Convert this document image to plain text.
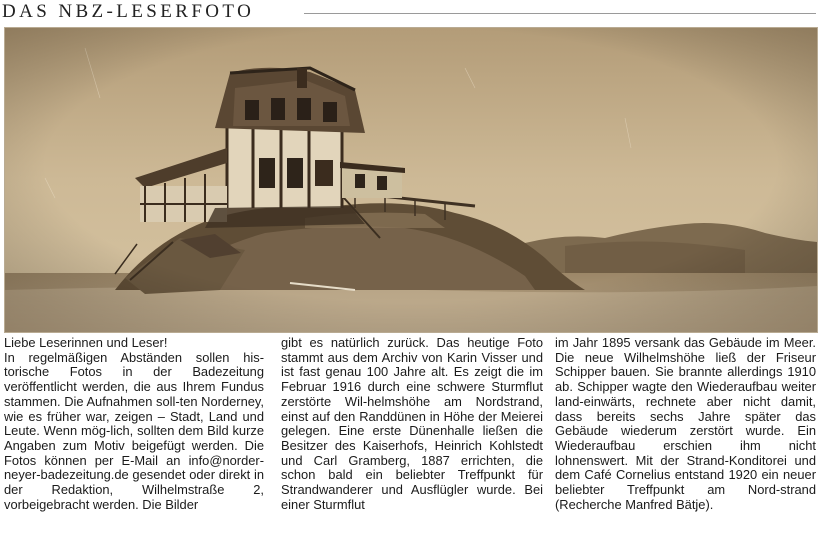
DAS NBZ-LESERFOTO
Liebe Leserinnen und Leser!

In regelmäßigen Abständen sollen his-torische Fotos in der Badezeitung veröffentlicht werden, die aus Ihrem Fundus stammen. Die Aufnahmen soll-ten Norderney, wie es früher war, zeigen – Stadt, Land und Leute. Wenn mög-lich, sollten dem Bild kurze Angaben zum Motiv beigefügt werden. Die Fotos können per E-Mail an info@norder-neyer-badezeitung.de gesendet oder direkt in der Redaktion, Wilhelmstraße 2, vorbeigebracht werden. Die Bilder

gibt es natürlich zurück. Das heutige Foto stammt aus dem Archiv von Karin Visser und ist fast genau 100 Jahre alt. Es zeigt die im Februar 1916 durch eine schwere Sturmflut zerstörte Wil-helmshöhe am Nordstrand, einst auf den Randdünen in Höhe der Meierei gelegen. Eine erste Dünenhalle ließen die Besitzer des Kaiserhofs, Heinrich Kohlstedt und Carl Gramberg, 1887 errichten, die schon bald ein beliebter Treffpunkt für Strandwanderer und Ausflügler wurde. Bei einer Sturmflut

im Jahr 1895 versank das Gebäude im Meer. Die neue Wilhelmshöhe ließ der Friseur Schipper bauen. Sie brannte allerdings 1910 ab. Schipper wagte den Wiederaufbau weiter land-einwärts, rechnete aber nicht damit, dass bereits sechs Jahre später das Gebäude wiederum zerstört wurde. Ein Wiederaufbau erschien ihm nicht lohnenswert. Mit der Strand-Konditorei und dem Café Cornelius entstand 1920 ein neuer beliebter Treffpunkt am Nord-strand (Recherche Manfred Bätje).
